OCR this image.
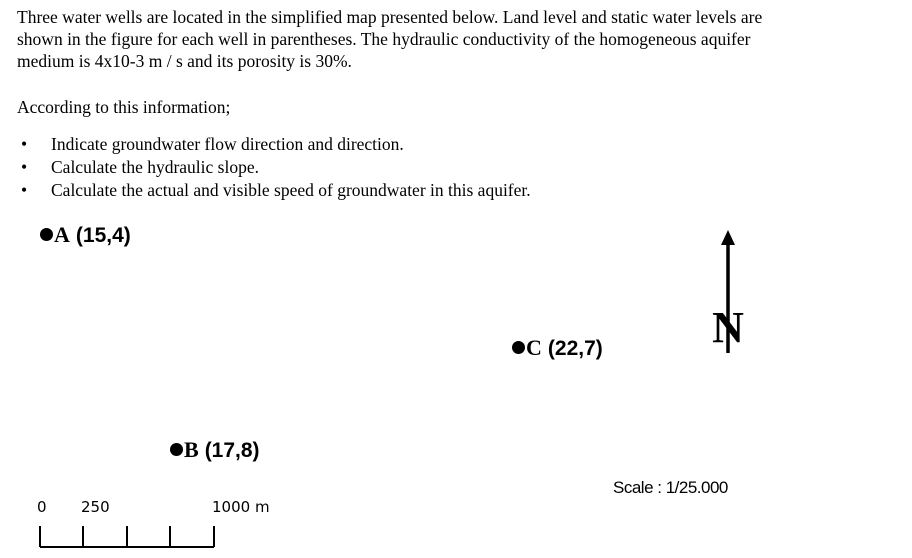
Three water wells are located in the simplified map presented below. Land level and static water levels are shown in the figure for each well in parentheses. The hydraulic conductivity of the homogeneous aquifer medium is 4x10-3 m / s and its porosity is 30%.
According to this information;
• Indicate groundwater flow direction and direction.
• Calculate the hydraulic slope.
• Calculate the actual and visible speed of groundwater in this aquifer.
A (15,4)
C (22,7)
B (17,8)
N
Scale : 1/25.000
0 250	1000 m
